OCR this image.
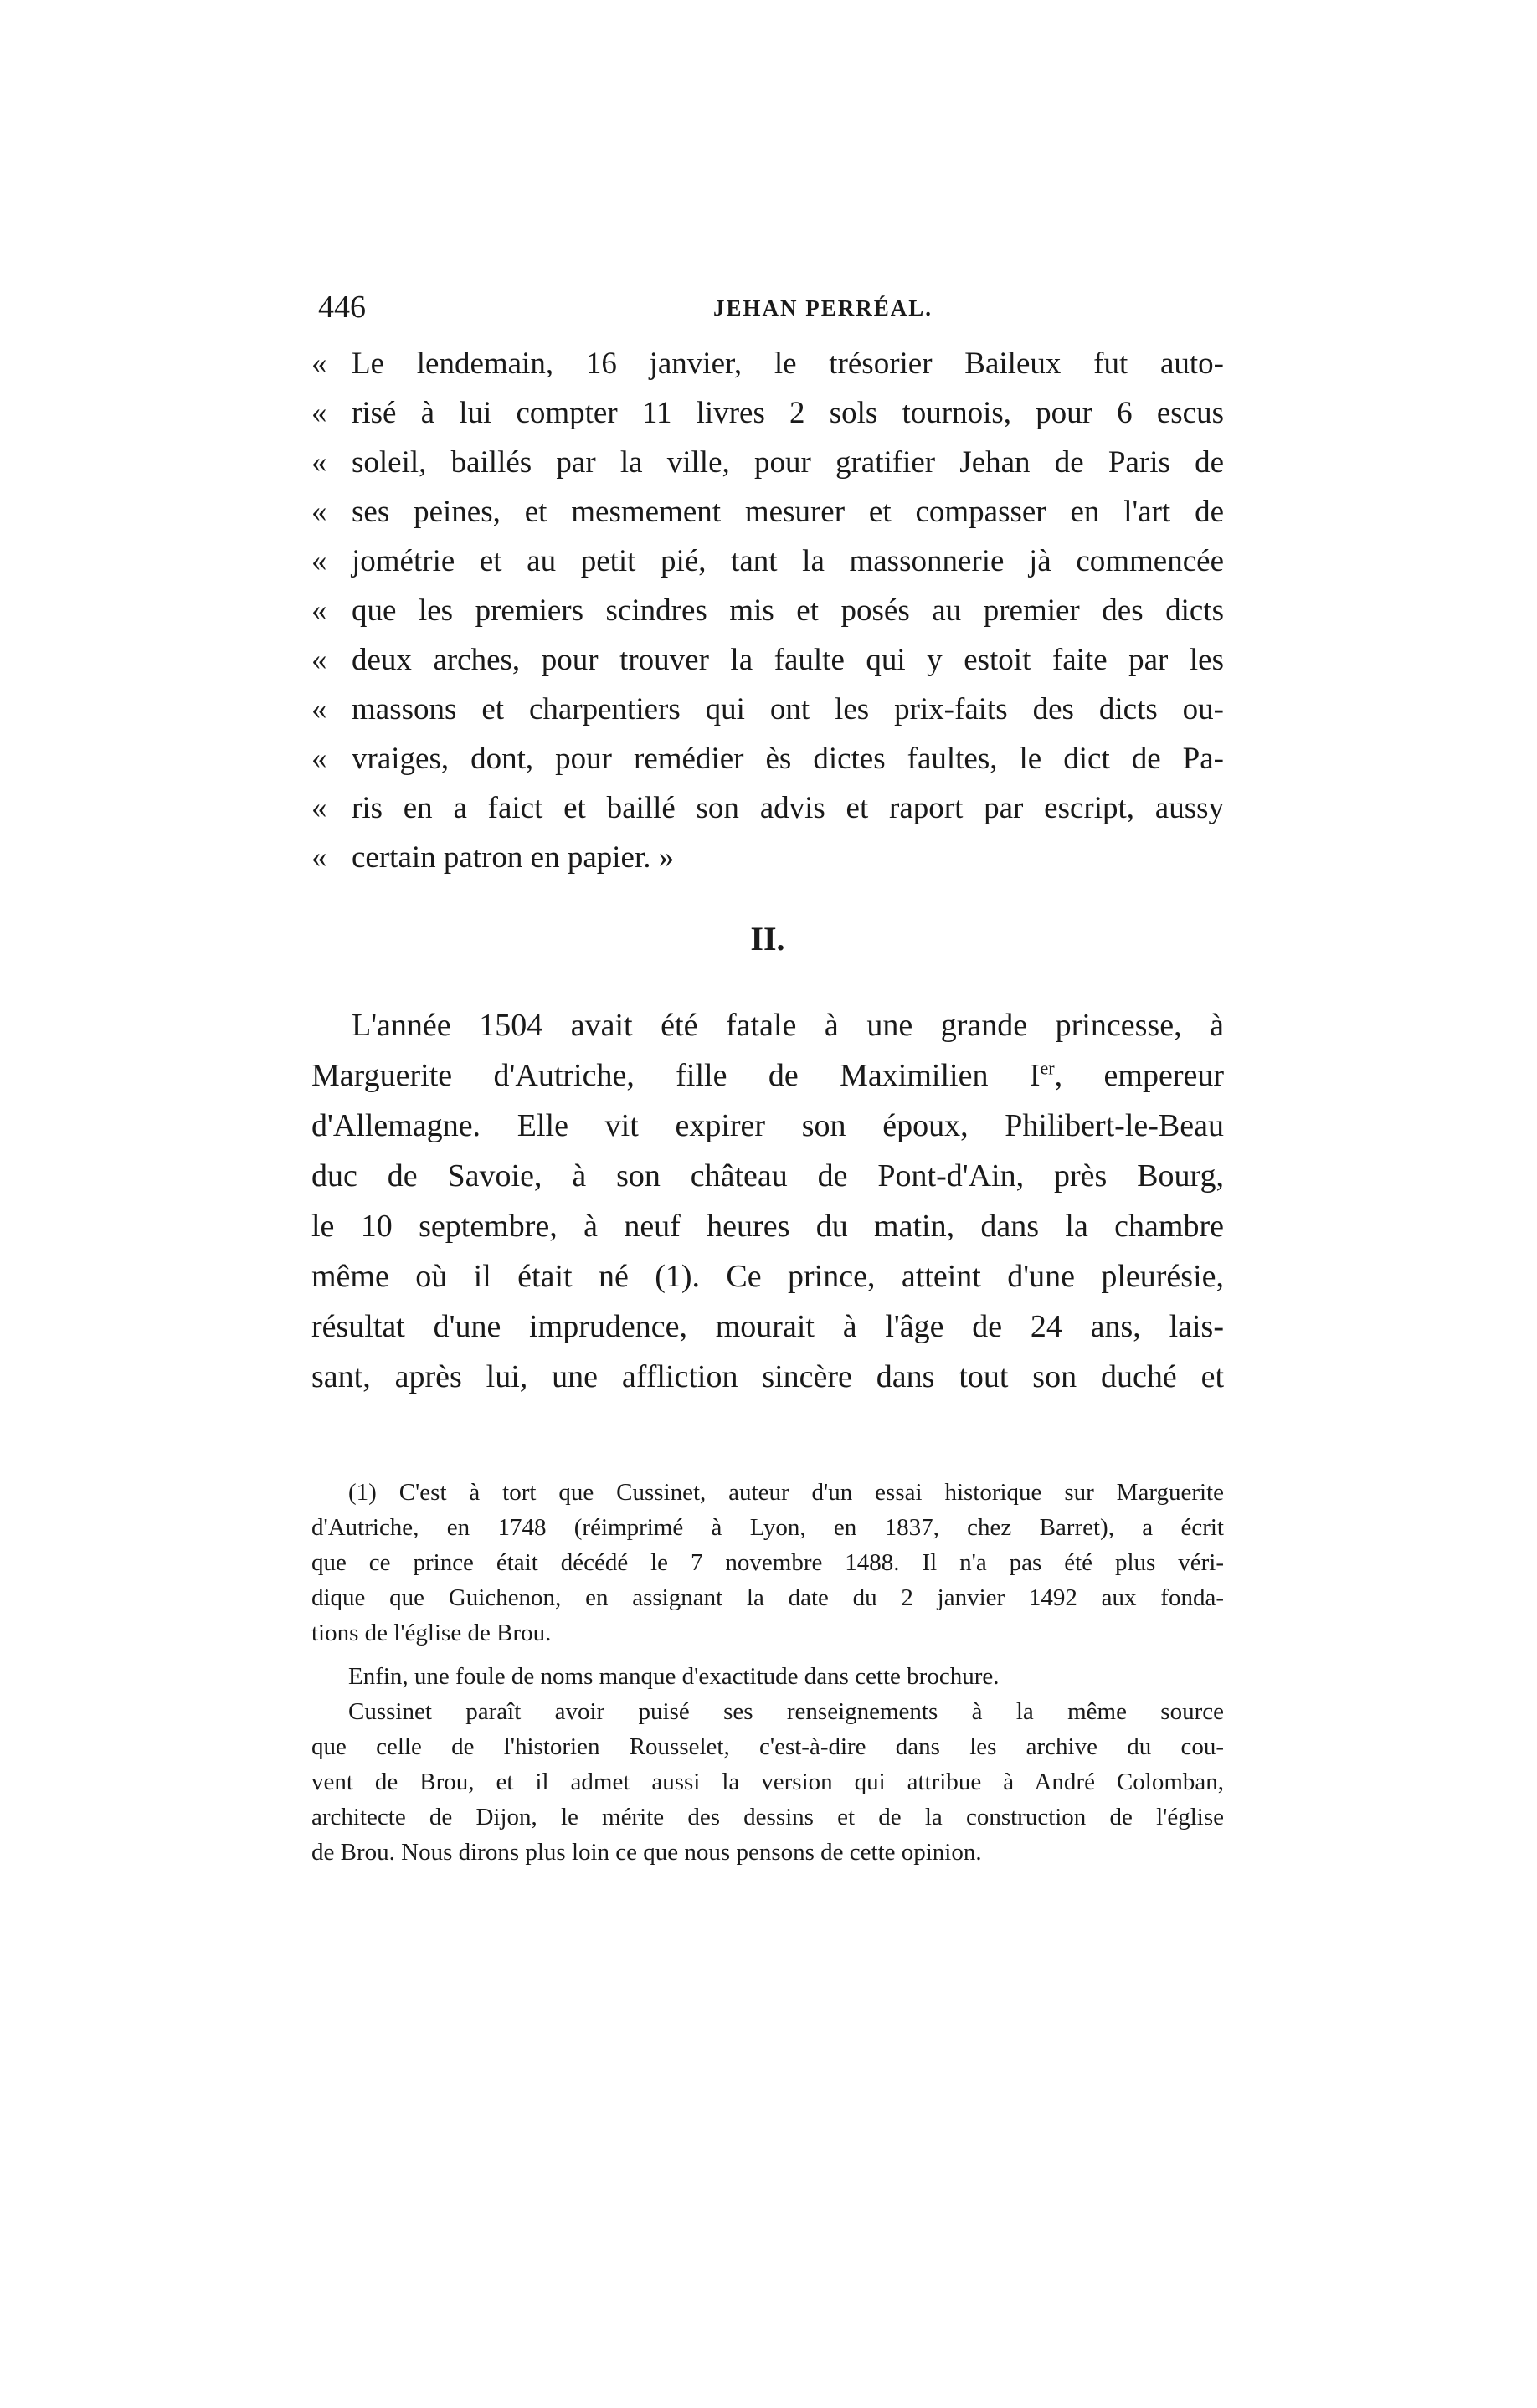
446	JEHAN PERRÉAL.
« Le lendemain, 16 janvier, le trésorier Baileux fut auto-
« risé à lui compter 11 livres 2 sols tournois, pour 6 escus
« soleil, baillés par la ville, pour gratifier Jehan de Paris de
« ses peines, et mesmement mesurer et compasser en l'art de
« jométrie et au petit pié, tant la massonnerie jà commencée
« que les premiers scindres mis et posés au premier des dicts
« deux arches, pour trouver la faulte qui y estoit faite par les
« massons et charpentiers qui ont les prix-faits des dicts ou-
« vraiges, dont, pour remédier ès dictes faultes, le dict de Pa-
« ris en a faict et baillé son advis et raport par escript, aussy
« certain patron en papier. »
II.
L'année 1504 avait été fatale à une grande princesse, à
Marguerite d'Autriche, fille de Maximilien Ier, empereur
d'Allemagne. Elle vit expirer son époux, Philibert-le-Beau
duc de Savoie, à son château de Pont-d'Ain, près Bourg,
le 10 septembre, à neuf heures du matin, dans la chambre
même où il était né (1). Ce prince, atteint d'une pleurésie,
résultat d'une imprudence, mourait à l'âge de 24 ans, lais-
sant, après lui, une affliction sincère dans tout son duché et
(1) C'est à tort que Cussinet, auteur d'un essai historique sur Marguerite
d'Autriche, en 1748 (réimprimé à Lyon, en 1837, chez Barret), a écrit
que ce prince était décédé le 7 novembre 1488. Il n'a pas été plus véri-
dique que Guichenon, en assignant la date du 2 janvier 1492 aux fonda-
tions de l'église de Brou.
Enfin, une foule de noms manque d'exactitude dans cette brochure.
Cussinet paraît avoir puisé ses renseignements à la même source
que celle de l'historien Rousselet, c'est-à-dire dans les archive du cou-
vent de Brou, et il admet aussi la version qui attribue à André Colomban,
architecte de Dijon, le mérite des dessins et de la construction de l'église
de Brou. Nous dirons plus loin ce que nous pensons de cette opinion.
